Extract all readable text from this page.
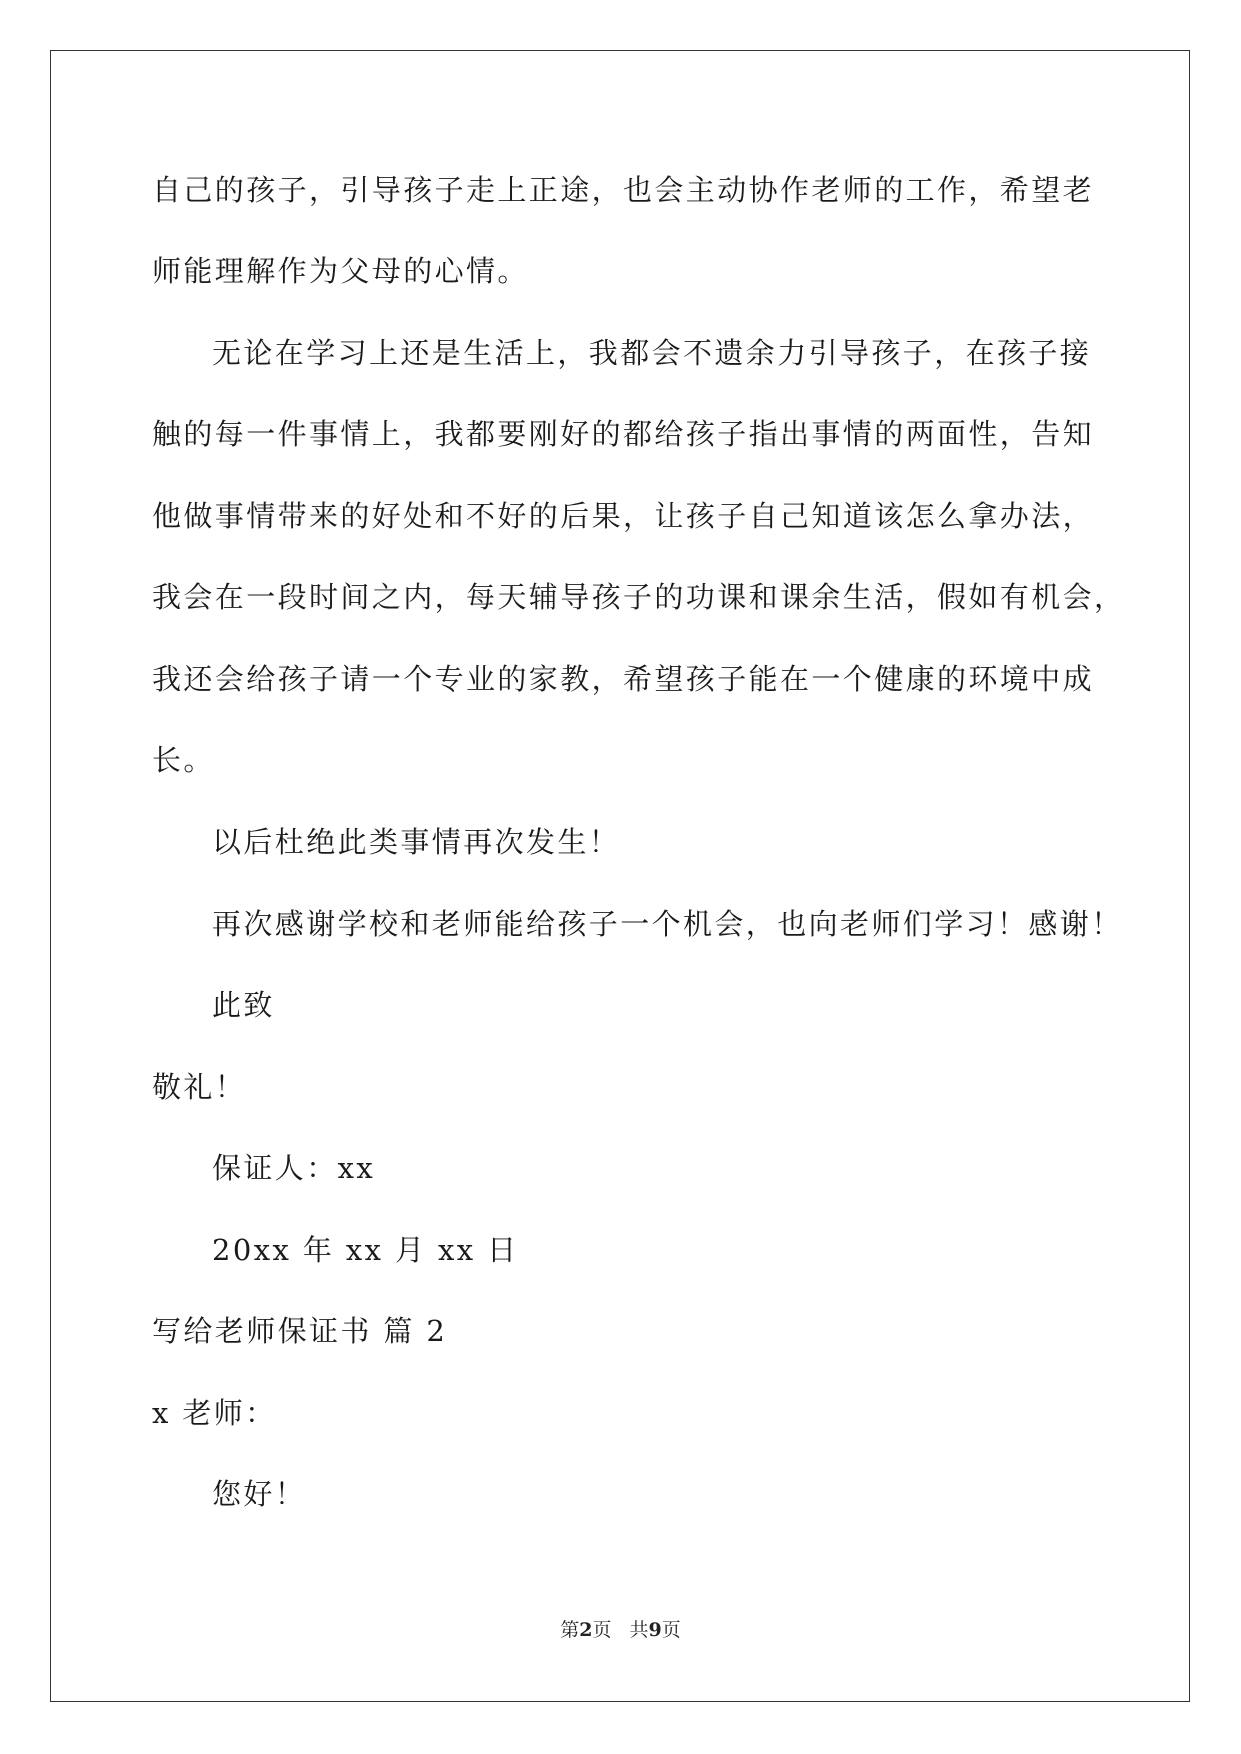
自己的孩子，引导孩子走上正途，也会主动协作老师的工作，希望老
师能理解作为父母的心情。
无论在学习上还是生活上，我都会不遗余力引导孩子，在孩子接
触的每一件事情上，我都要刚好的都给孩子指出事情的两面性，告知
他做事情带来的好处和不好的后果，让孩子自己知道该怎么拿办法，
我会在一段时间之内，每天辅导孩子的功课和课余生活，假如有机会，
我还会给孩子请一个专业的家教，希望孩子能在一个健康的环境中成
长。
以后杜绝此类事情再次发生！
再次感谢学校和老师能给孩子一个机会，也向老师们学习！感谢！
此致
敬礼！
保证人：xx
20xx 年 xx 月 xx 日
写给老师保证书 篇 2
x 老师：
您好！
第2页 共9页
